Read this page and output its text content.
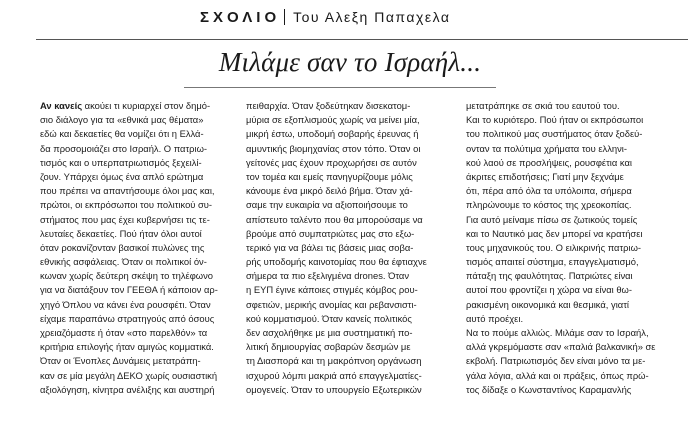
ΣΧΟΛΙΟ Του Αλεξη Παπαχελα
Μιλάμε σαν το Ισραήλ...
Αν κανείς ακούει τι κυριαρχεί στον δημό-
σιο διάλογο για τα «εθνικά μας θέματα»
εδώ και δεκαετίες θα νομίζει ότι η Ελλά-
δα προσομοιάζει στο Ισραήλ. Ο πατριω-
τισμός και ο υπερπατριωτισμός ξεχειλί-
ζουν. Υπάρχει όμως ένα απλό ερώτημα
που πρέπει να απαντήσουμε όλοι μας και,
πρώτοι, οι εκπρόσωποι του πολιτικού συ-
στήματος που μας έχει κυβερνήσει τις τε-
λευταίες δεκαετίες. Πού ήταν όλοι αυτοί
όταν ροκανίζονταν βασικοί πυλώνες της
εθνικής ασφάλειας. Όταν οι πολιτικοί όν-
κωναν χωρίς δεύτερη σκέψη το τηλέφωνο
για να διατάξουν τον ΓΕΕΘΑ ή κάποιον αρ-
χηγό Όπλου να κάνει ένα ρουσφέτι. Όταν
είχαμε παραπάνω στρατηγούς από όσους
χρειαζόμαστε ή όταν «στο παρελθόν» τα
κριτήρια επιλογής ήταν αμιγώς κομματικά.
Όταν οι Ένοπλες Δυνάμεις μετατράπη-
καν σε μία μεγάλη ΔΕΚΟ χωρίς ουσιαστική
αξιολόγηση, κίνητρα ανέλιξης και αυστηρή
πειθαρχία. Όταν ξοδεύτηκαν δισεκατομ-
μύρια σε εξοπλισμούς χωρίς να μείνει μία,
μικρή έστω, υποδομή σοβαρής έρευνας ή
αμυντικής βιομηχανίας στον τόπο. Όταν οι
γείτονές μας έχουν προχωρήσει σε αυτόν
τον τομέα και εμείς πανηγυρίζουμε μόλις
κάνουμε ένα μικρό δειλό βήμα. Όταν χά-
σαμε την ευκαιρία να αξιοποιήσουμε το
απίστευτο ταλέντο που θα μπορούσαμε να
βρούμε από συμπατριώτες μας στο εξω-
τερικό για να βάλει τις βάσεις μιας σοβα-
ρής υποδομής καινοτομίας που θα έφτιαχνε
σήμερα τα πιο εξελιγμένα drones. Όταν
η ΕΥΠ έγινε κάποιες στιγμές κόμβος ρου-
σφετιών, μερικής ανομίας και ρεβανσιστι-
κού κομματισμού. Όταν κανείς πολιτικός
δεν ασχολήθηκε με μια συστηματική πο-
λιτική δημιουργίας σοβαρών δεσμών με
τη Διασπορά και τη μακρόπνοη οργάνωση
ισχυρού λόμπι μακριά από επαγγελματίες-
ομογενείς. Όταν το υπουργείο Εξωτερικών
μετατράπηκε σε σκιά του εαυτού του.
Και το κυριότερο. Πού ήταν οι εκπρόσωποι
του πολιτικού μας συστήματος όταν ξοδεύ-
ονταν τα πολύτιμα χρήματα του ελληνι-
κού λαού σε προσλήψεις, ρουσφέτια και
άκριτες επιδοτήσεις; Γιατί μην ξεχνάμε
ότι, πέρα από όλα τα υπόλοιπα, σήμερα
πληρώνουμε το κόστος της χρεοκοπίας.
Για αυτό μείναμε πίσω σε ζωτικούς τομείς
και το Ναυτικό μας δεν μπορεί να κρατήσει
τους μηχανικούς του. Ο ειλικρινής πατριω-
τισμός απαιτεί σύστημα, επαγγελματισμό,
πάταξη της φαυλότητας. Πατριώτες είναι
αυτοί που φροντίζει η χώρα να είναι θω-
ρακισμένη οικονομικά και θεσμικά, γιατί
αυτό προέχει.
Να το πούμε αλλιώς. Μιλάμε σαν το Ισραήλ,
αλλά γκρεμόμαστε σαν «παλιά βαλκανική» σε
εκβολή. Πατριωτισμός δεν είναι μόνο τα με-
γάλα λόγια, αλλά και οι πράξεις, όπως πρώ-
τος δίδαξε ο Κωνσταντίνος Καραμανλής
